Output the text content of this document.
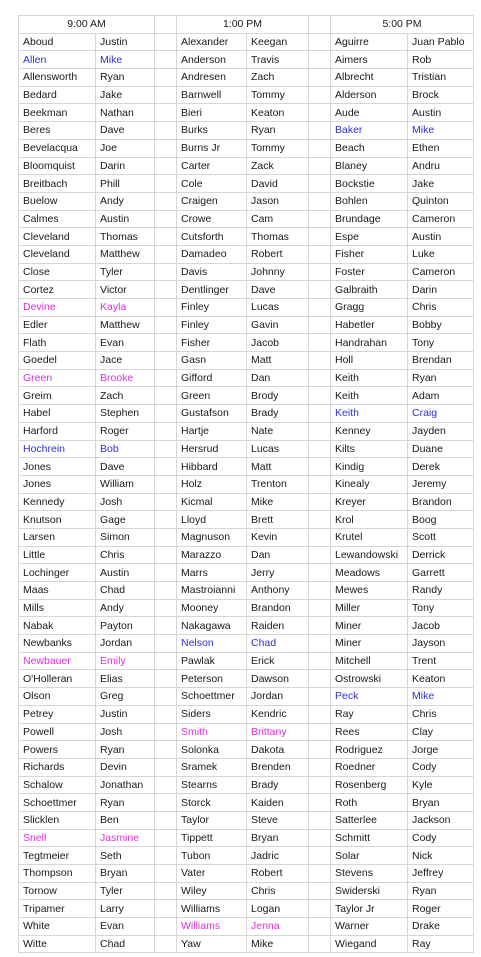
9:00 AM			1:00 PM			5:00 PM	
Aboud	Justin		Alexander	Keegan		Aguirre	Juan Pablo
Allen	Mike		Anderson	Travis		Aimers	Rob
Allensworth	Ryan		Andresen	Zach		Albrecht	Tristian
Bedard	Jake		Barnwell	Tommy		Alderson	Brock
Beekman	Nathan		Bieri	Keaton		Aude	Austin
Beres	Dave		Burks	Ryan		Baker	Mike
Bevelacqua	Joe		Burns Jr	Tommy		Beach	Ethen
Bloomquist	Darin		Carter	Zack		Blaney	Andru
Breitbach	Phill		Cole	David		Bockstie	Jake
Buelow	Andy		Craigen	Jason		Bohlen	Quinton
Calmes	Austin		Crowe	Cam		Brundage	Cameron
Cleveland	Thomas		Cutsforth	Thomas		Espe	Austin
Cleveland	Matthew		Damadeo	Robert		Fisher	Luke
Close	Tyler		Davis	Johnny		Foster	Cameron
Cortez	Victor		Dentlinger	Dave		Galbraith	Darin
Devine	Kayla		Finley	Lucas		Gragg	Chris
Edler	Matthew		Finley	Gavin		Habetler	Bobby
Flath	Evan		Fisher	Jacob		Handrahan	Tony
Goedel	Jace		Gasn	Matt		Holl	Brendan
Green	Brooke		Gifford	Dan		Keith	Ryan
Greim	Zach		Green	Brody		Keith	Adam
Habel	Stephen		Gustafson	Brady		Keith	Craig
Harford	Roger		Hartje	Nate		Kenney	Jayden
Hochrein	Bob		Hersrud	Lucas		Kilts	Duane
Jones	Dave		Hibbard	Matt		Kindig	Derek
Jones	William		Holz	Trenton		Kinealy	Jeremy
Kennedy	Josh		Kicmal	Mike		Kreyer	Brandon
Knutson	Gage		Lloyd	Brett		Krol	Boog
Larsen	Simon		Magnuson	Kevin		Krutel	Scott
Little	Chris		Marazzo	Dan		Lewandowski	Derrick
Lochinger	Austin		Marrs	Jerry		Meadows	Garrett
Maas	Chad		Mastroianni	Anthony		Mewes	Randy
Mills	Andy		Mooney	Brandon		Miller	Tony
Nabak	Payton		Nakagawa	Raiden		Miner	Jacob
Newbanks	Jordan		Nelson	Chad		Miner	Jayson
Newbauer	Emily		Pawlak	Erick		Mitchell	Trent
O'Holleran	Elias		Peterson	Dawson		Ostrowski	Keaton
Olson	Greg		Schoettmer	Jordan		Peck	Mike
Petrey	Justin		Siders	Kendric		Ray	Chris
Powell	Josh		Smith	Brittany		Rees	Clay
Powers	Ryan		Solonka	Dakota		Rodriguez	Jorge
Richards	Devin		Sramek	Brenden		Roedner	Cody
Schalow	Jonathan		Stearns	Brady		Rosenberg	Kyle
Schoettmer	Ryan		Storck	Kaiden		Roth	Bryan
Slicklen	Ben		Taylor	Steve		Satterlee	Jackson
Snell	Jasmine		Tippett	Bryan		Schmitt	Cody
Tegtmeier	Seth		Tubon	Jadric		Solar	Nick
Thompson	Bryan		Vater	Robert		Stevens	Jeffrey
Tornow	Tyler		Wiley	Chris		Swiderski	Ryan
Tripamer	Larry		Williams	Logan		Taylor Jr	Roger
White	Evan		Williams	Jenna		Warner	Drake
Witte	Chad		Yaw	Mike		Wiegand	Ray
